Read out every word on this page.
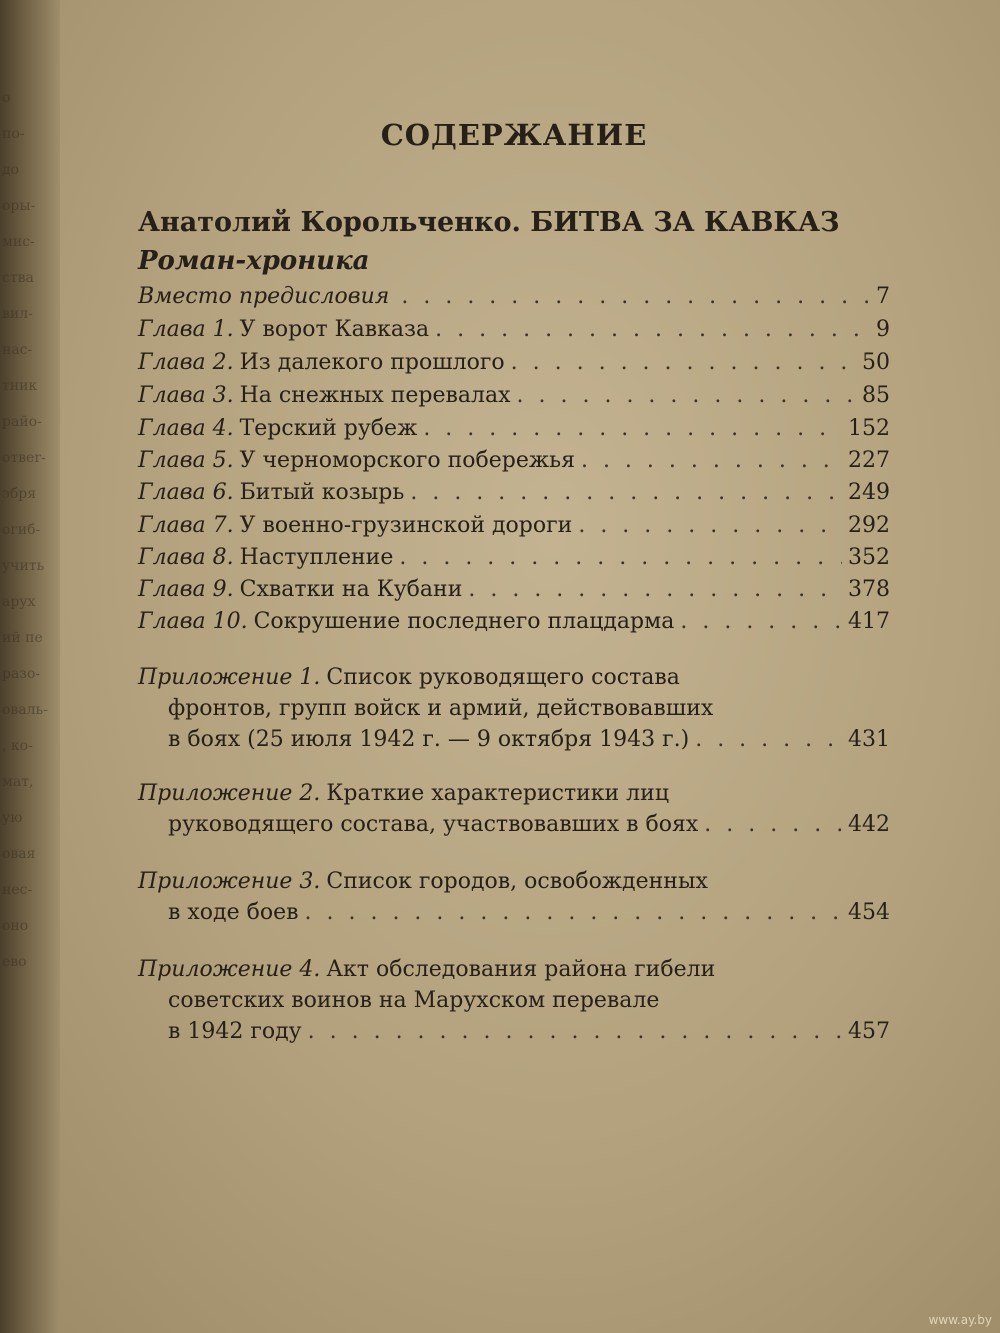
о
по-
до
оры-
мис-
ства
вил-
нас-
тник
райо-
отвеr-
эбря
огиб-
учить
арух
ий пе
разо-
оваль-
, ко-
мат,
ую
овая
нес-
оно
ево
СОДЕРЖАНИЕ
Анатолий Корольченко. БИТВА ЗА КАВКАЗ
Роман-хроника
Вместо предисловия . . .	7
Глава 1. У ворот Кавказа . . .	9
Глава 2. Из далекого прошлого . . .	50
Глава 3. На снежных перевалах . . .	85
Глава 4. Терский рубеж . . .	152
Глава 5. У черноморского побережья . . .	227
Глава 6. Битый козырь . . .	249
Глава 7. У военно-грузинской дороги . . .	292
Глава 8. Наступление . . .	352
Глава 9. Схватки на Кубани . . .	378
Глава 10. Сокрушение последнего плацдарма . . .	417
Приложение 1. Список руководящего состава
фронтов, групп войск и армий, действовавших
в боях (25 июля 1942 г. — 9 октября 1943 г.) . . .	431
Приложение 2. Краткие характеристики лиц
руководящего состава, участвовавших в боях . . .	442
Приложение 3. Список городов, освобожденных
в ходе боев . . .	454
Приложение 4. Акт обследования района гибели
советских воинов на Марухском перевале
в 1942 году . . .	457
www.ay.by
